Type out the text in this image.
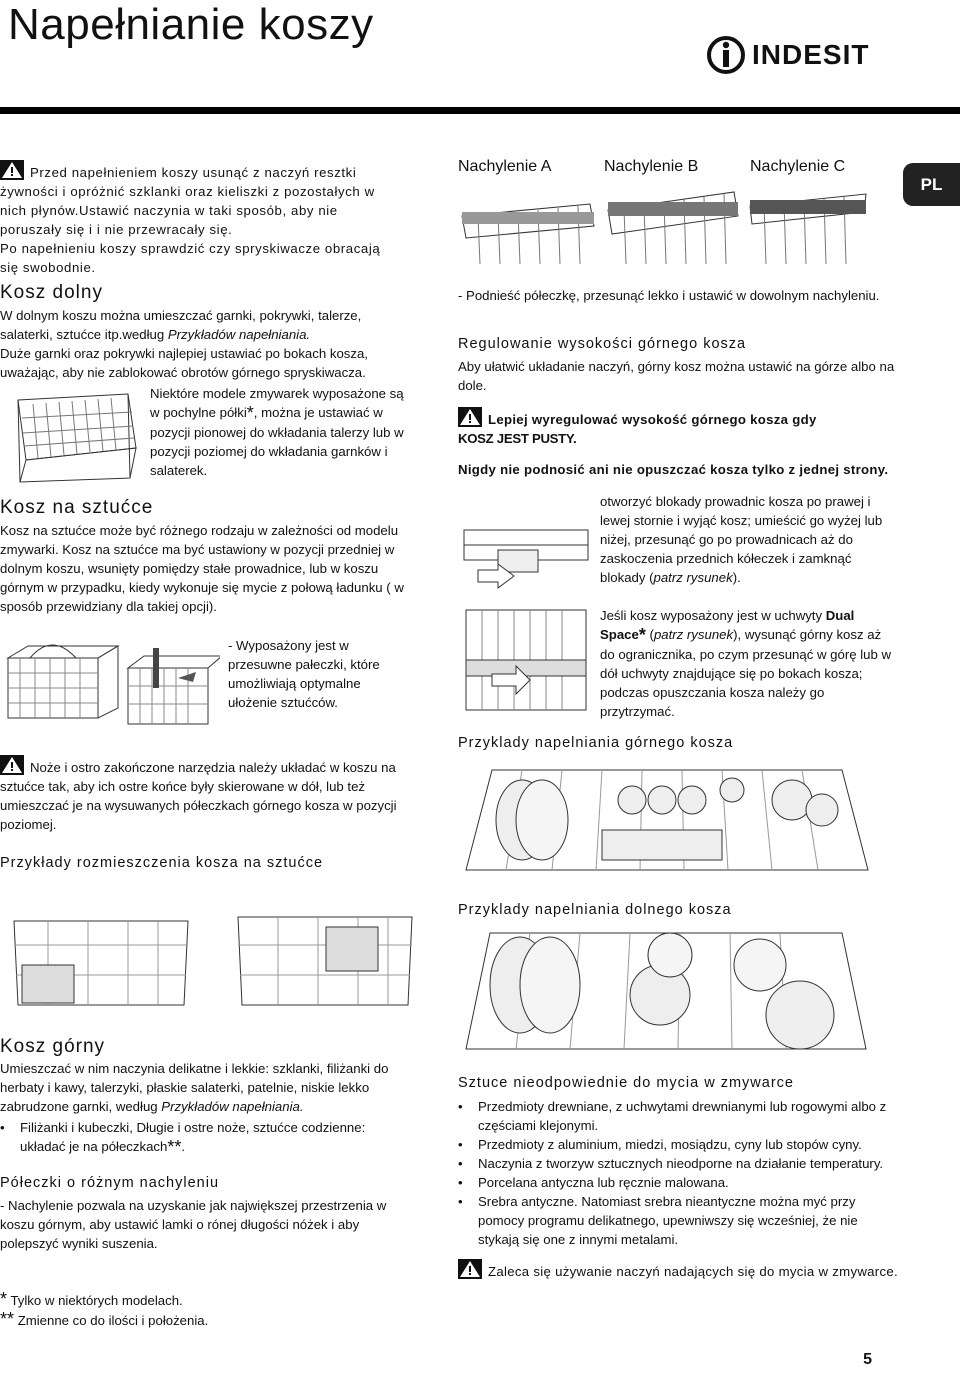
Napełnianie koszy
INDESIT
PL

Przed napełnieniem koszy usunąć z naczyń resztki żywności i opróżnić szklanki oraz kieliszki z pozostałych w nich płynów.Ustawić naczynia w taki sposób, aby nie poruszały się i i nie przewracały się.

Po napełnieniu koszy sprawdzić czy spryskiwacze obracają się swobodnie.

Kosz dolny

W dolnym koszu można umieszczać garnki, pokrywki, talerze, salaterki, sztućce itp.według Przykładów napełniania.

Duże garnki oraz pokrywki najlepiej ustawiać po bokach kosza, uważając, aby nie zablokować obrotów górnego spryskiwacza.

Niektóre modele zmywarek wyposażone są w pochylne półki*, można je ustawiać w pozycji pionowej do wkładania talerzy lub w pozycji poziomej do wkładania garnków i salaterek.

Kosz na sztućce

Kosz na sztućce może być różnego rodzaju w zależności od modelu zmywarki. Kosz na sztućce ma być ustawiony w pozycji przedniej w dolnym koszu, wsunięty pomiędzy stałe prowadnice, lub w koszu górnym w przypadku, kiedy wykonuje się mycie z połową ładunku ( w sposób przewidziany dla takiej opcji).

- Wyposażony jest w przesuwne pałeczki, które umożliwiają optymalne ułożenie sztućców.

Noże i ostro zakończone narzędzia należy układać w koszu na sztućce tak, aby ich ostre końce były skierowane w dół, lub też umieszczać je na wysuwanych półeczkach górnego kosza w pozycji poziomej.

Przykłady rozmieszczenia kosza na sztućce

Kosz górny

Umieszczać w nim naczynia delikatne i lekkie: szklanki, filiżanki do herbaty i kawy, talerzyki, płaskie salaterki, patelnie, niskie lekko zabrudzone garnki, według Przykładów napełniania.

• Filiżanki i kubeczki, Długie i ostre noże, sztućce codzienne: układać je na półeczkach**.

Półeczki o różnym nachyleniu

- Nachylenie pozwala na uzyskanie jak największej przestrzenia w koszu górnym, aby ustawić lamki o rónej długości nóżek i aby polepszyć wyniki suszenia.

* Tylko w niektórych modelach.

** Zmienne co do ilości i położenia.

Nachylenie A	Nachylenie B	Nachylenie C
- Podnieść półeczkę, przesunąć lekko i ustawić w dowolnym nachyleniu.

Regulowanie wysokości górnego kosza

Aby ułatwić układanie naczyń, górny kosz można ustawić na górze albo na dole.

Lepiej wyregulować wysokość górnego kosza gdy

KOSZ JEST PUSTY.

Nigdy nie podnosić ani nie opuszczać kosza tylko z jednej strony.

otworzyć blokady prowadnic kosza po prawej i lewej stornie i wyjąć kosz; umieścić go wyżej lub niżej, przesunąć go po prowadnicach aż do zaskoczenia przednich kółeczek i zamknąć blokady (patrz rysunek).
Jeśli kosz wyposażony jest w uchwyty Dual Space* (patrz rysunek), wysunąć górny kosz aż do ogranicznika, po czym przesunąć w górę lub w dół uchwyty znajdujące się po bokach kosza; podczas opuszczania kosza należy go przytrzymać.

Przyklady napelniania górnego kosza

Przyklady napelniania dolnego kosza

Sztuce nieodpowiednie do mycia w zmywarce

• Przedmioty drewniane, z uchwytami drewnianymi lub rogowymi albo z częściami klejonymi.
• Przedmioty z aluminium, miedzi, mosiądzu, cyny lub stopów cyny.
• Naczynia z tworzyw sztucznych nieodporne na działanie temperatury.
• Porcelana antyczna lub ręcznie malowana.
• Srebra antyczne. Natomiast srebra nieantyczne można myć przy pomocy programu delikatnego, upewniwszy się wcześniej, że nie stykają się one z innymi metalami.

Zaleca się używanie naczyń nadających się do mycia w zmywarce.

5
